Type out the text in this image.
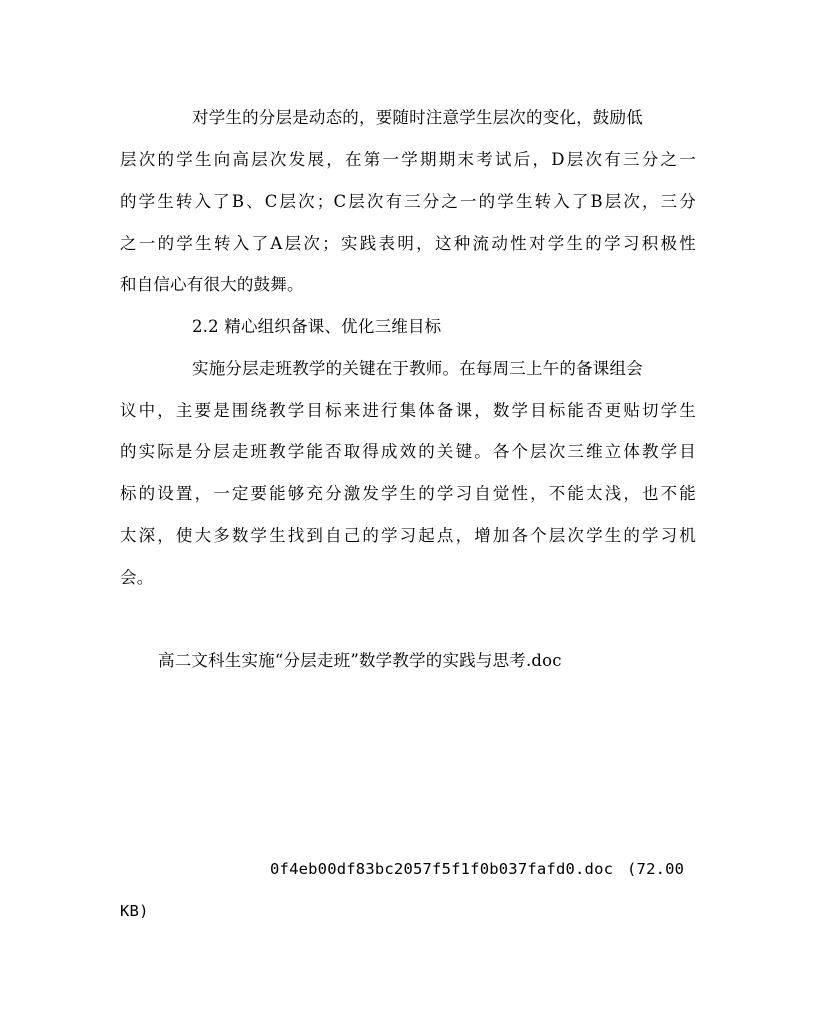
对学生的分层是动态的，要随时注意学生层次的变化，鼓励低
层次的学生向高层次发展，在第一学期期末考试后，D层次有三分之一
的学生转入了B、C层次；C层次有三分之一的学生转入了B层次，三分
之一的学生转入了A层次；实践表明，这种流动性对学生的学习积极性
和自信心有很大的鼓舞。
2.2 精心组织备课、优化三维目标
实施分层走班教学的关键在于教师。在每周三上午的备课组会
议中，主要是围绕教学目标来进行集体备课，数学目标能否更贴切学生
的实际是分层走班教学能否取得成效的关键。各个层次三维立体教学目
标的设置，一定要能够充分激发学生的学习自觉性，不能太浅，也不能
太深，使大多数学生找到自己的学习起点，增加各个层次学生的学习机
会。
高二文科生实施“分层走班”数学教学的实践与思考.doc
0f4eb00df83bc2057f5f1f0b037fafd0.doc (72.00
KB)
